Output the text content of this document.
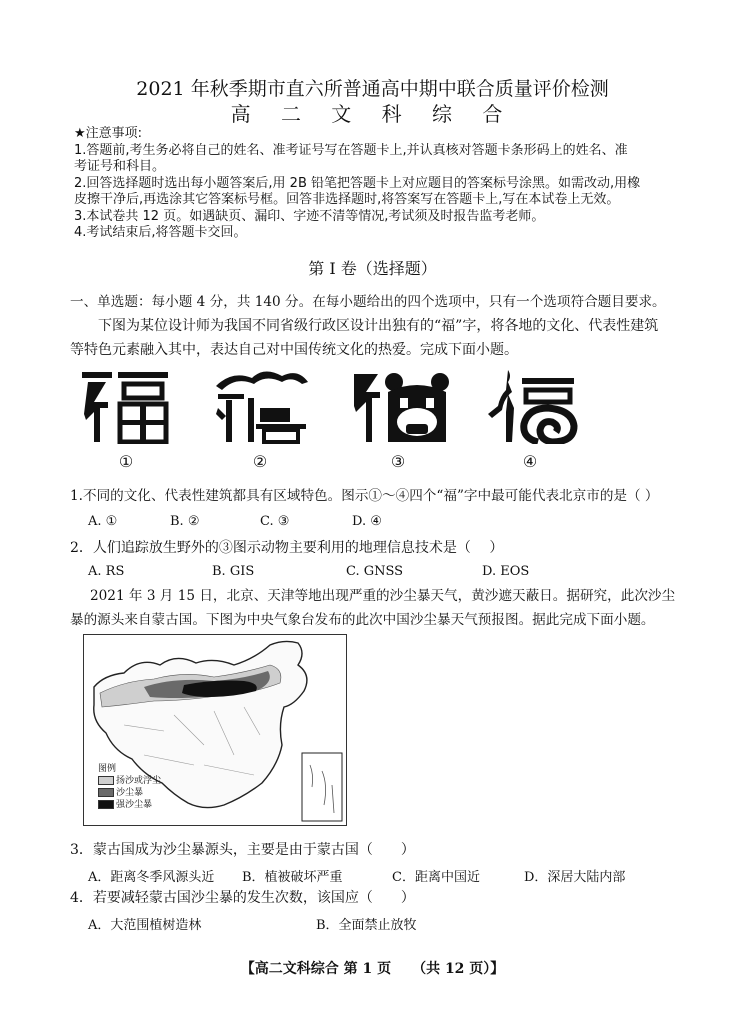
2021 年秋季期市直六所普通高中期中联合质量评价检测
高 二 文 科 综 合
★注意事项:
1.答题前,考生务必将自己的姓名、准考证号写在答题卡上,并认真核对答题卡条形码上的姓名、准
考证号和科目。
2.回答选择题时选出每小题答案后,用 2B 铅笔把答题卡上对应题目的答案标号涂黑。如需改动,用橡
皮擦干净后,再选涂其它答案标号框。回答非选择题时,将答案写在答题卡上,写在本试卷上无效。
3.本试卷共 12 页。如遇缺页、漏印、字迹不清等情况,考试须及时报告监考老师。
4.考试结束后,将答题卡交回。
第 I 卷（选择题）

一、单选题：每小题 4 分，共 140 分。在每小题给出的四个选项中，只有一个选项符合题目要求。

下图为某位设计师为我国不同省级行政区设计出独有的“福”字，将各地的文化、代表性建筑

等特色元素融入其中，表达自己对中国传统文化的热爱。完成下面小题。

①	②	③	④

1.不同的文化、代表性建筑都具有区域特色。图示①～④四个“福”字中最可能代表北京市的是（ ）

A. ①	B. ②	C. ③	D. ④

2．人们追踪放生野外的③图示动物主要利用的地理信息技术是（　 ）

A. RS	B. GIS	C. GNSS	D. EOS

2021 年 3 月 15 日，北京、天津等地出现严重的沙尘暴天气，黄沙遮天蔽日。据研究，此次沙尘

暴的源头来自蒙古国。下图为中央气象台发布的此次中国沙尘暴天气预报图。据此完成下面小题。

图例
扬沙或浮尘
沙尘暴
强沙尘暴

3．蒙古国成为沙尘暴源头，主要是由于蒙古国（　　）

A．距离冬季风源头近 B．植被破坏严重	C．距离中国近	D．深居大陆内部

4．若要减轻蒙古国沙尘暴的发生次数，该国应（　　）

A．大范围植树造林	B．全面禁止放牧
【高二文科综合 第 1 页　　（共 12 页）】
